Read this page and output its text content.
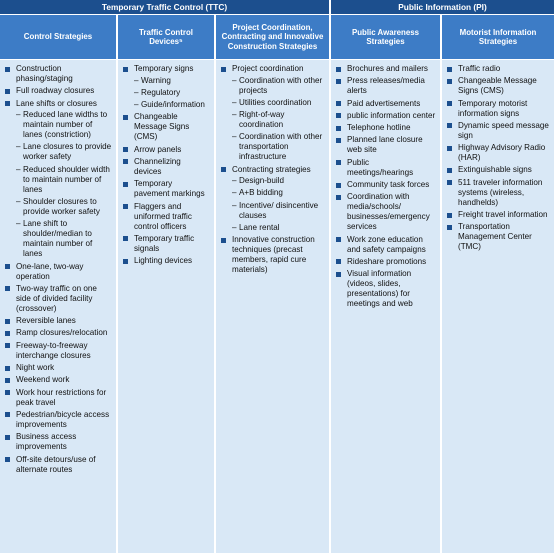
Temporary Traffic Control (TTC)	Public Information (PI)
Control Strategies
Traffic Control Devices⁵
Project Coordination, Contracting and Innovative Construction Strategies
Public Awareness Strategies
Motorist Information Strategies
Construction phasing/staging
Full roadway closures
Lane shifts or closures
– Reduced lane widths to maintain number of lanes (constriction)
– Lane closures to provide worker safety
– Reduced shoulder width to maintain number of lanes
– Shoulder closures to provide worker safety
– Lane shift to shoulder/median to maintain number of lanes
One-lane, two-way operation
Two-way traffic on one side of divided facility (crossover)
Reversible lanes
Ramp closures/relocation
Freeway-to-freeway interchange closures
Night work
Weekend work
Work hour restrictions for peak travel
Pedestrian/bicycle access improvements
Business access improvements
Off-site detours/use of alternate routes
Temporary signs
– Warning
– Regulatory
– Guide/information
Changeable Message Signs (CMS)
Arrow panels
Channelizing devices
Temporary pavement markings
Flaggers and uniformed traffic control officers
Temporary traffic signals
Lighting devices
Project coordination
– Coordination with other projects
– Utilities coordination
– Right-of-way coordination
– Coordination with other transportation infrastructure
Contracting strategies
– Design-build
– A+B bidding
– Incentive/ disincentive clauses
– Lane rental
Innovative construction techniques (precast members, rapid cure materials)
Brochures and mailers
Press releases/media alerts
Paid advertisements
public information center
Telephone hotline
Planned lane closure web site
Public meetings/hearings
Community task forces
Coordination with media/schools/ businesses/emergency services
Work zone education and safety campaigns
Rideshare promotions
Visual information (videos, slides, presentations) for meetings and web
Traffic radio
Changeable Message Signs (CMS)
Temporary motorist information signs
Dynamic speed message sign
Highway Advisory Radio (HAR)
Extinguishable signs
511 traveler information systems (wireless, handhelds)
Freight travel information
Transportation Management Center (TMC)
